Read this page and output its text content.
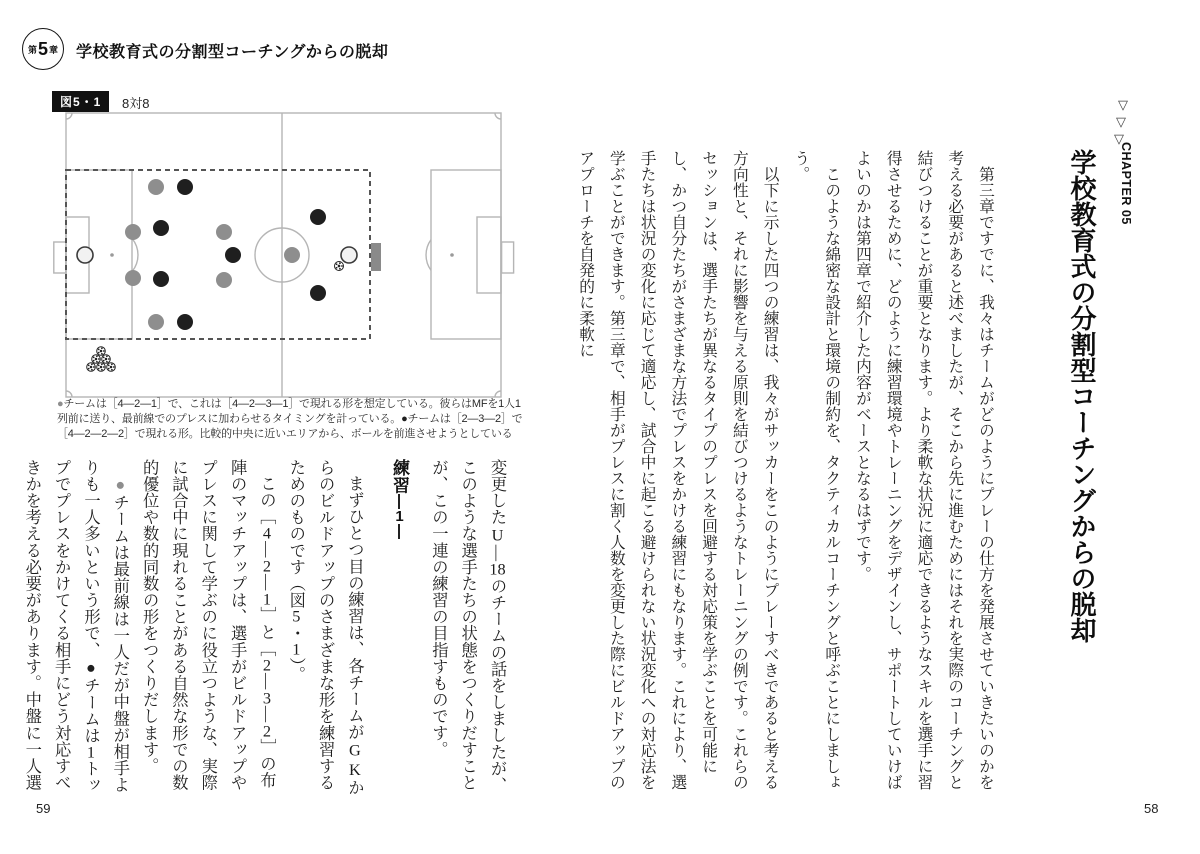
第 5 章 学校教育式の分割型コーチングからの脱却
図5・1	8対8

●チームは［4―2―1］で、これは［4―2―3―1］で現れる形を想定している。彼らはMFを1人1列前に送り、最前線でのプレスに加わらせるタイミングを計っている。●チームは［2―3―2］で［4―2―2―2］で現れる形。比較的中央に近いエリアから、ボールを前進させようとしている

変更したU―18のチームの話をしましたが、このような選手たちの状態をつくりだすことが、この一連の練習の目指すものです。

練習1

まずひとつ目の練習は、各チームがGKからのビルドアップのさまざまな形を練習するためのものです（図5・1）。

この［4―2―1］と［2―3―2］の布陣のマッチアップは、選手がビルドアップやプレスに関して学ぶのに役立つような、実際に試合中に現れることがある自然な形での数的優位や数的同数の形をつくりだします。

●チームは最前線は一人だが中盤が相手よりも一人多いという形で、●チームは1トップでプレスをかけてくる相手にどう対応すべきかを考える必要があります。中盤に一人選

59
▽
▽
▽
CHAPTER 05
学校教育式の分割型コーチングからの脱却

第三章ですでに、我々はチームがどのようにプレーの仕方を発展させていきたいのかを考える必要があると述べましたが、そこから先に進むためにはそれを実際のコーチングと結びつけることが重要となります。より柔軟な状況に適応できるようなスキルを選手に習得させるために、どのように練習環境やトレーニングをデザインし、サポートしていけばよいのかは第四章で紹介した内容がベースとなるはずです。

このような綿密な設計と環境の制約を、タクティカルコーチングと呼ぶことにしましょう。

以下に示した四つの練習は、我々がサッカーをこのようにプレーすべきであると考える方向性と、それに影響を与える原則を結びつけるようなトレーニングの例です。これらのセッションは、選手たちが異なるタイプのプレスを回避する対応策を学ぶことを可能にし、かつ自分たちがさまざまな方法でプレスをかける練習にもなります。これにより、選手たちは状況の変化に応じて適応し、試合中に起こる避けられない状況変化への対応法を学ぶことができます。第三章で、相手がプレスに割く人数を変更した際にビルドアップのアプローチを自発的に柔軟に

58
